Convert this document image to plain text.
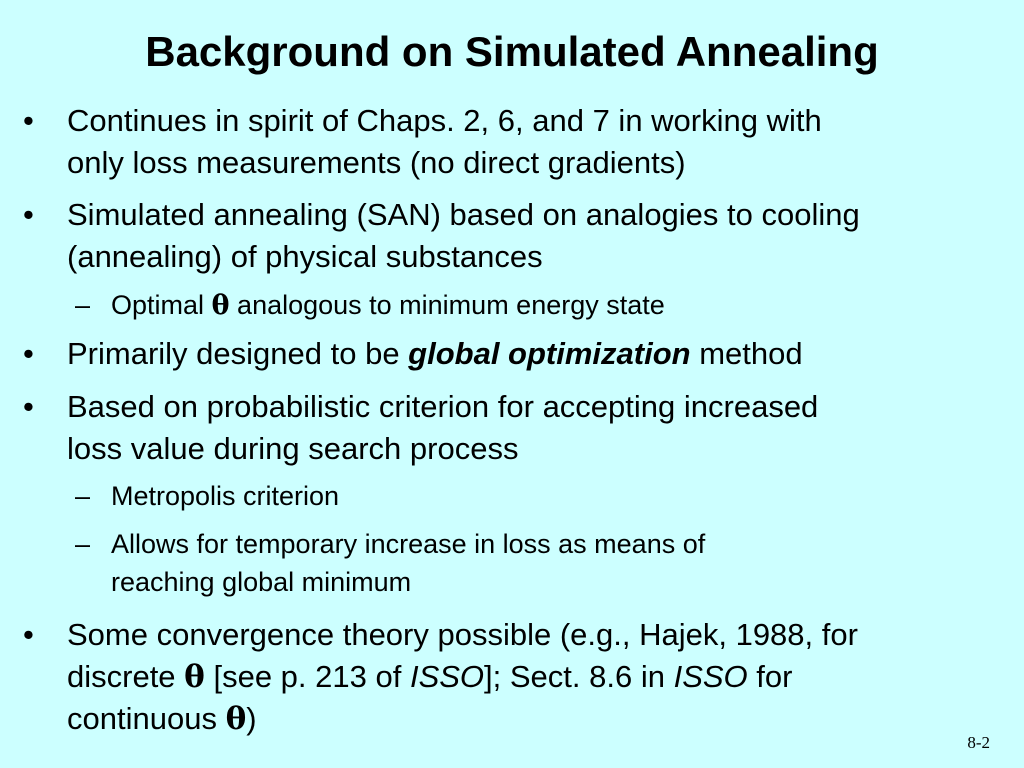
Background on Simulated Annealing
• Continues in spirit of Chaps. 2, 6, and 7 in working with
only loss measurements (no direct gradients)
• Simulated annealing (SAN) based on analogies to cooling
(annealing) of physical substances
– Optimal θ analogous to minimum energy state
• Primarily designed to be global optimization method
• Based on probabilistic criterion for accepting increased
loss value during search process
– Metropolis criterion
– Allows for temporary increase in loss as means of
reaching global minimum
• Some convergence theory possible (e.g., Hajek, 1988, for
discrete θ [see p. 213 of ISSO]; Sect. 8.6 in ISSO for
continuous θ)
8-2
